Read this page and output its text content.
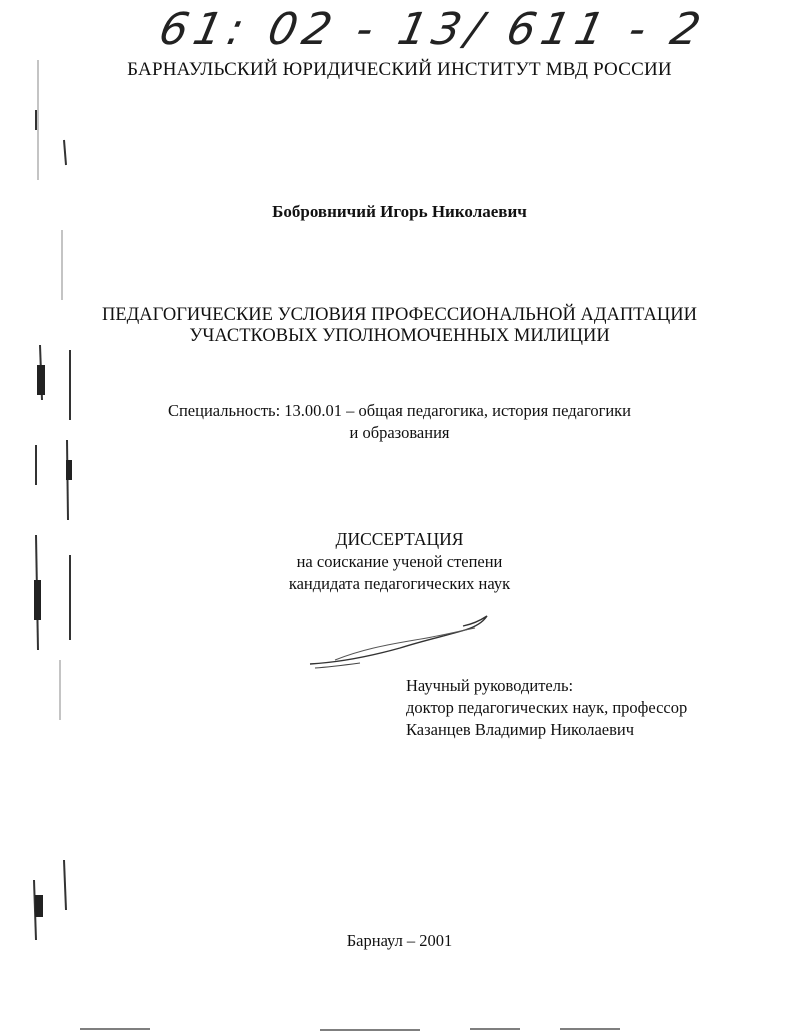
61: 02 - 13/ 611 - 2
БАРНАУЛЬСКИЙ ЮРИДИЧЕСКИЙ ИНСТИТУТ МВД РОССИИ
Бобровничий Игорь Николаевич
ПЕДАГОГИЧЕСКИЕ УСЛОВИЯ ПРОФЕССИОНАЛЬНОЙ АДАПТАЦИИ
УЧАСТКОВЫХ УПОЛНОМОЧЕННЫХ МИЛИЦИИ
Специальность: 13.00.01 – общая педагогика, история педагогики
и образования
ДИССЕРТАЦИЯ
на соискание ученой степени
кандидата педагогических наук
Научный руководитель:
доктор педагогических наук, профессор
Казанцев Владимир Николаевич
Барнаул – 2001
